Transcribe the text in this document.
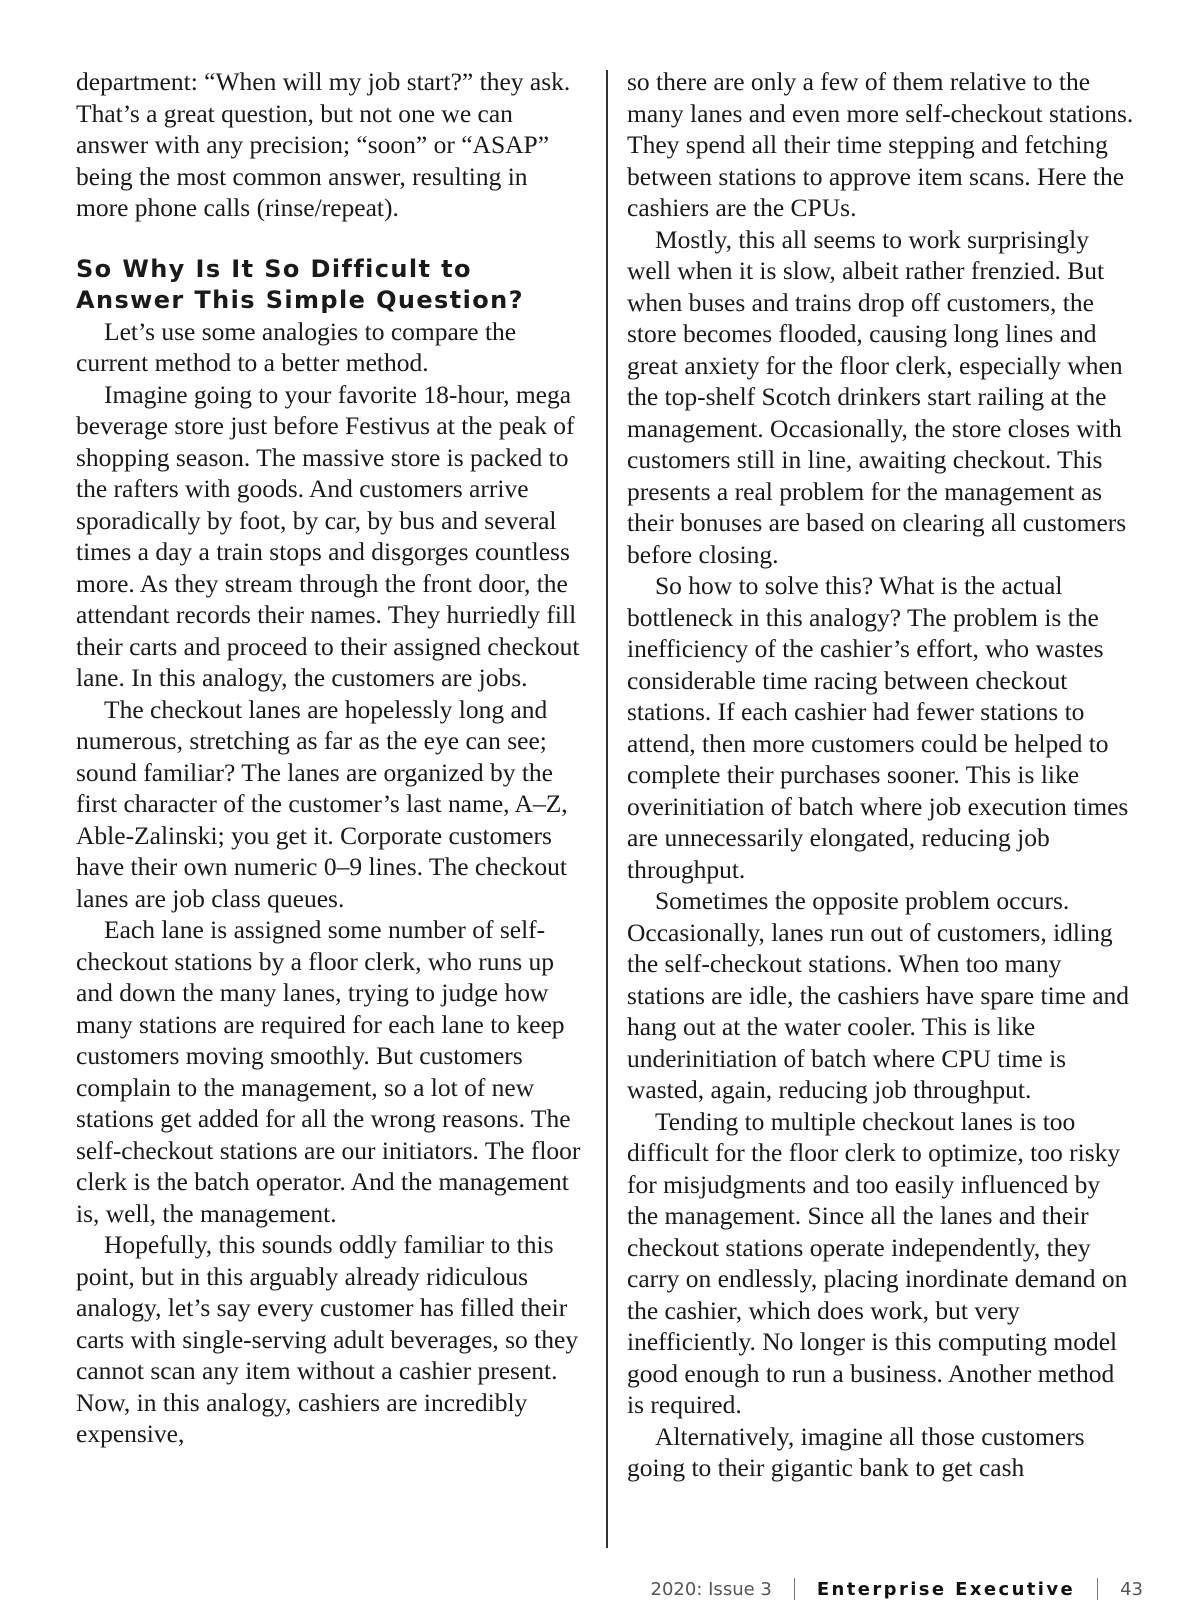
department: “When will my job start?” they ask. That’s a great question, but not one we can answer with any precision; “soon” or “ASAP” being the most common answer, resulting in more phone calls (rinse/repeat).

So Why Is It So Difficult to Answer This Simple Question?

Let’s use some analogies to compare the current method to a better method.

Imagine going to your favorite 18-hour, mega beverage store just before Festivus at the peak of shopping season. The massive store is packed to the rafters with goods. And customers arrive sporadically by foot, by car, by bus and several times a day a train stops and disgorges countless more. As they stream through the front door, the attendant records their names. They hurriedly fill their carts and proceed to their assigned checkout lane. In this analogy, the customers are jobs.

The checkout lanes are hopelessly long and numerous, stretching as far as the eye can see; sound familiar? The lanes are organized by the first character of the customer’s last name, A–Z, Able-Zalinski; you get it. Corporate customers have their own numeric 0–9 lines. The checkout lanes are job class queues.

Each lane is assigned some number of self-checkout stations by a floor clerk, who runs up and down the many lanes, trying to judge how many stations are required for each lane to keep customers moving smoothly. But customers complain to the management, so a lot of new stations get added for all the wrong reasons. The self-checkout stations are our initiators. The floor clerk is the batch operator. And the management is, well, the management.

Hopefully, this sounds oddly familiar to this point, but in this arguably already ridiculous analogy, let’s say every customer has filled their carts with single-serving adult beverages, so they cannot scan any item without a cashier present. Now, in this analogy, cashiers are incredibly expensive,

so there are only a few of them relative to the many lanes and even more self-checkout stations. They spend all their time stepping and fetching between stations to approve item scans. Here the cashiers are the CPUs.

Mostly, this all seems to work surprisingly well when it is slow, albeit rather frenzied. But when buses and trains drop off customers, the store becomes flooded, causing long lines and great anxiety for the floor clerk, especially when the top-shelf Scotch drinkers start railing at the management. Occasionally, the store closes with customers still in line, awaiting checkout. This presents a real problem for the management as their bonuses are based on clearing all customers before closing.

So how to solve this? What is the actual bottleneck in this analogy? The problem is the inefficiency of the cashier’s effort, who wastes considerable time racing between checkout stations. If each cashier had fewer stations to attend, then more customers could be helped to complete their purchases sooner. This is like overinitiation of batch where job execution times are unnecessarily elongated, reducing job throughput.

Sometimes the opposite problem occurs. Occasionally, lanes run out of customers, idling the self-checkout stations. When too many stations are idle, the cashiers have spare time and hang out at the water cooler. This is like underinitiation of batch where CPU time is wasted, again, reducing job throughput.

Tending to multiple checkout lanes is too difficult for the floor clerk to optimize, too risky for misjudgments and too easily influenced by the management. Since all the lanes and their checkout stations operate independently, they carry on endlessly, placing inordinate demand on the cashier, which does work, but very inefficiently. No longer is this computing model good enough to run a business. Another method is required.

Alternatively, imagine all those customers going to their gigantic bank to get cash

2020: Issue 3	Enterprise Executive	43
